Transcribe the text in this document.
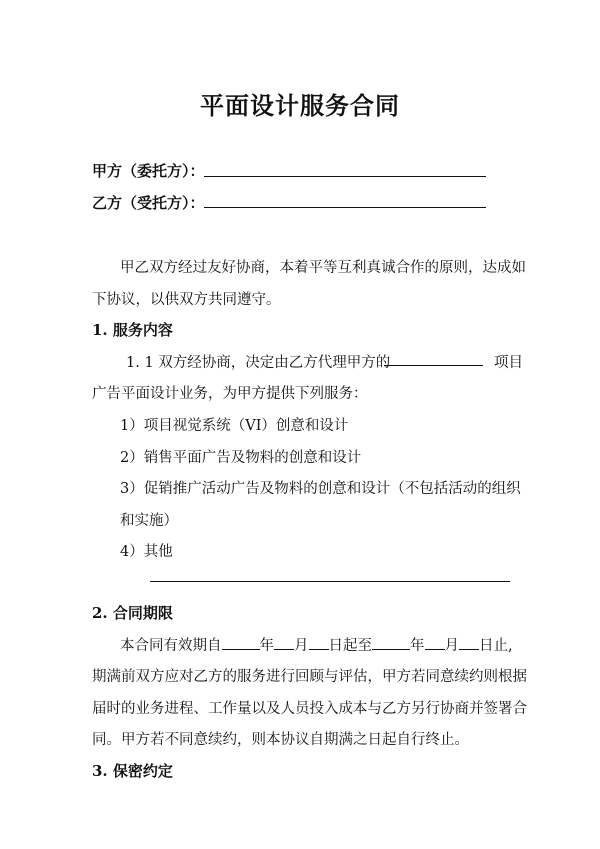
平面设计服务合同
甲方（委托方）：
乙方（受托方）：
甲乙双方经过友好协商，本着平等互利真诚合作的原则，达成如
下协议，以供双方共同遵守。
1. 服务内容
1. 1 双方经协商，决定由乙方代理甲方的	项目
广告平面设计业务，为甲方提供下列服务：
1）项目视觉系统（VI）创意和设计
2）销售平面广告及物料的创意和设计
3）促销推广活动广告及物料的创意和设计（不包括活动的组织
和实施）
4）其他
2. 合同期限
本合同有效期自	年 月 日起至	年 月 日止,
期满前双方应对乙方的服务进行回顾与评估，甲方若同意续约则根据
届时的业务进程、工作量以及人员投入成本与乙方另行协商并签署合
同。甲方若不同意续约，则本协议自期满之日起自行终止。
3. 保密约定
